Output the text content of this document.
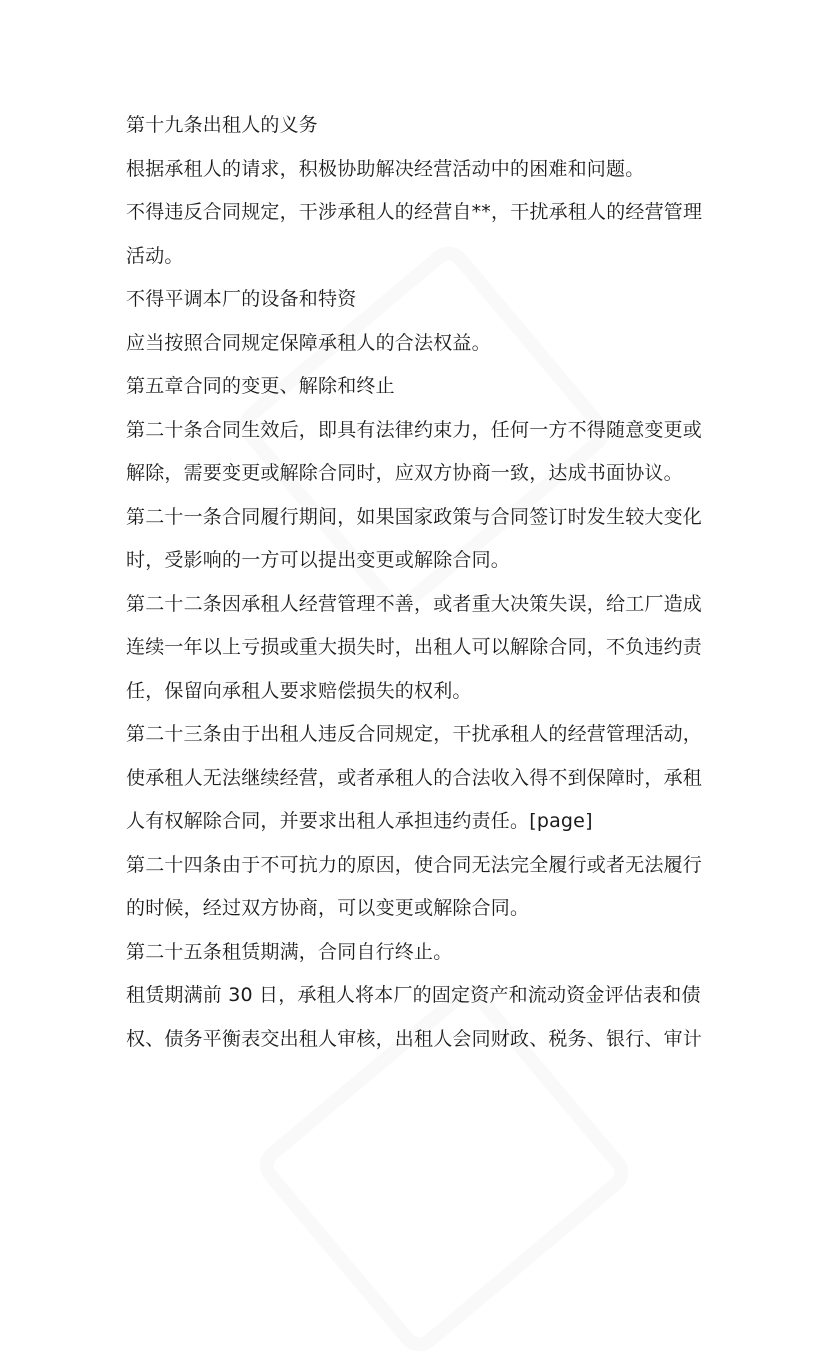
第十九条出租人的义务
根据承租人的请求，积极协助解决经营活动中的困难和问题。
不得违反合同规定，干涉承租人的经营自**，干扰承租人的经营管理
活动。
不得平调本厂的设备和特资
应当按照合同规定保障承租人的合法权益。
第五章合同的变更、解除和终止
第二十条合同生效后，即具有法律约束力，任何一方不得随意变更或
解除，需要变更或解除合同时，应双方协商一致，达成书面协议。
第二十一条合同履行期间，如果国家政策与合同签订时发生较大变化
时，受影响的一方可以提出变更或解除合同。
第二十二条因承租人经营管理不善，或者重大决策失误，给工厂造成
连续一年以上亏损或重大损失时，出租人可以解除合同，不负违约责
任，保留向承租人要求赔偿损失的权利。
第二十三条由于出租人违反合同规定，干扰承租人的经营管理活动，
使承租人无法继续经营，或者承租人的合法收入得不到保障时，承租
人有权解除合同，并要求出租人承担违约责任。[page]
第二十四条由于不可抗力的原因，使合同无法完全履行或者无法履行
的时候，经过双方协商，可以变更或解除合同。
第二十五条租赁期满，合同自行终止。
租赁期满前 30 日，承租人将本厂的固定资产和流动资金评估表和债
权、债务平衡表交出租人审核，出租人会同财政、税务、银行、审计
